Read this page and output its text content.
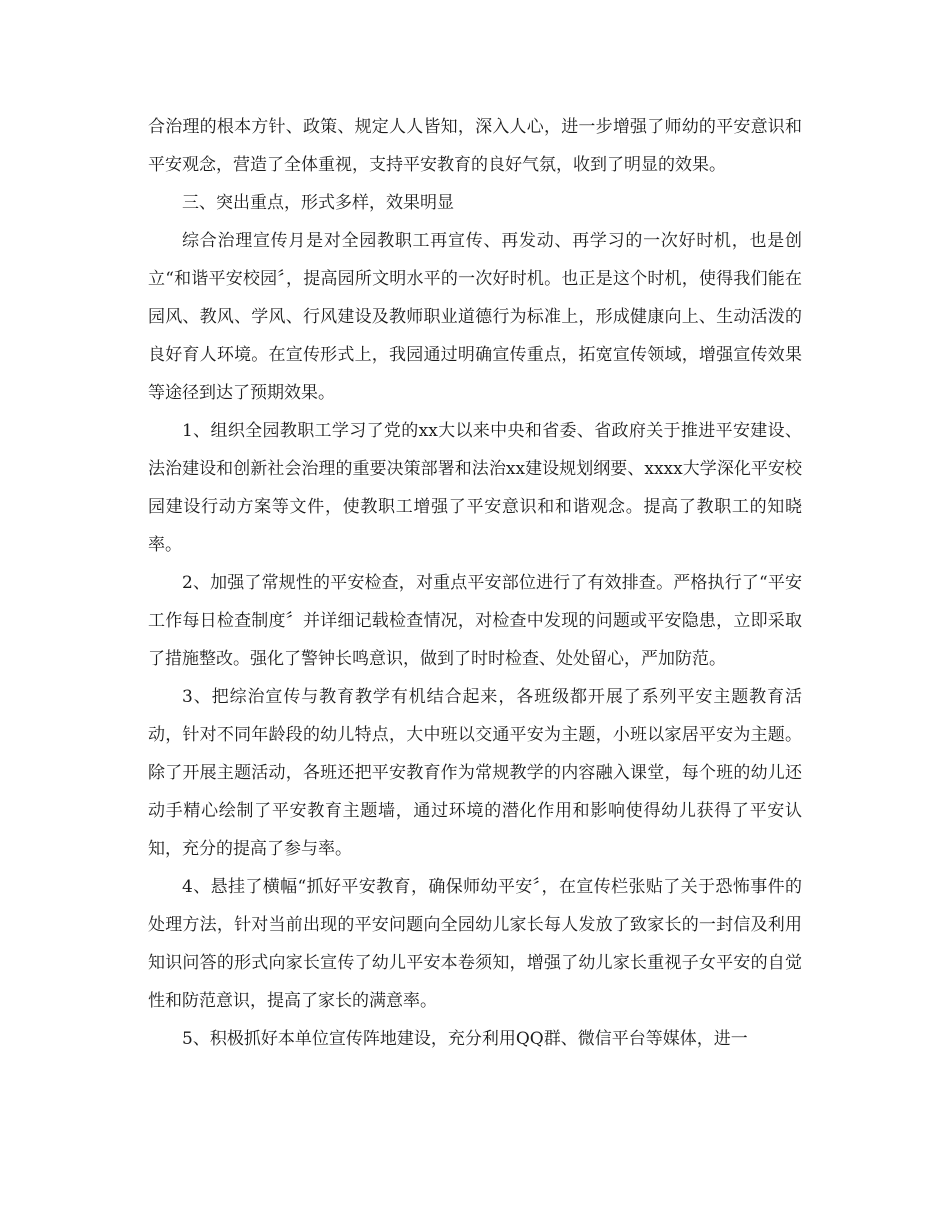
合治理的根本方针、政策、规定人人皆知，深入人心，进一步增强了师幼的平安意识和平安观念，营造了全体重视，支持平安教育的良好气氛，收到了明显的效果。

三、突出重点，形式多样，效果明显

综合治理宣传月是对全园教职工再宣传、再发动、再学习的一次好时机，也是创立“和谐平安校园〞，提高园所文明水平的一次好时机。也正是这个时机，使得我们能在园风、教风、学风、行风建设及教师职业道德行为标准上，形成健康向上、生动活泼的良好育人环境。在宣传形式上，我园通过明确宣传重点，拓宽宣传领域，增强宣传效果等途径到达了预期效果。

1、组织全园教职工学习了党的xx大以来中央和省委、省政府关于推进平安建设、法治建设和创新社会治理的重要决策部署和法治xx建设规划纲要、xxxx大学深化平安校园建设行动方案等文件，使教职工增强了平安意识和和谐观念。提高了教职工的知晓率。

2、加强了常规性的平安检查，对重点平安部位进行了有效排查。严格执行了“平安工作每日检查制度〞并详细记载检查情况，对检查中发现的问题或平安隐患，立即采取了措施整改。强化了警钟长鸣意识，做到了时时检查、处处留心，严加防范。

3、把综治宣传与教育教学有机结合起来，各班级都开展了系列平安主题教育活动，针对不同年龄段的幼儿特点，大中班以交通平安为主题，小班以家居平安为主题。除了开展主题活动，各班还把平安教育作为常规教学的内容融入课堂，每个班的幼儿还动手精心绘制了平安教育主题墙，通过环境的潜化作用和影响使得幼儿获得了平安认知，充分的提高了参与率。

4、悬挂了横幅“抓好平安教育，确保师幼平安〞，在宣传栏张贴了关于恐怖事件的处理方法，针对当前出现的平安问题向全园幼儿家长每人发放了致家长的一封信及利用知识问答的形式向家长宣传了幼儿平安本卷须知，增强了幼儿家长重视子女平安的自觉性和防范意识，提高了家长的满意率。

5、积极抓好本单位宣传阵地建设，充分利用QQ群、微信平台等媒体，进一
